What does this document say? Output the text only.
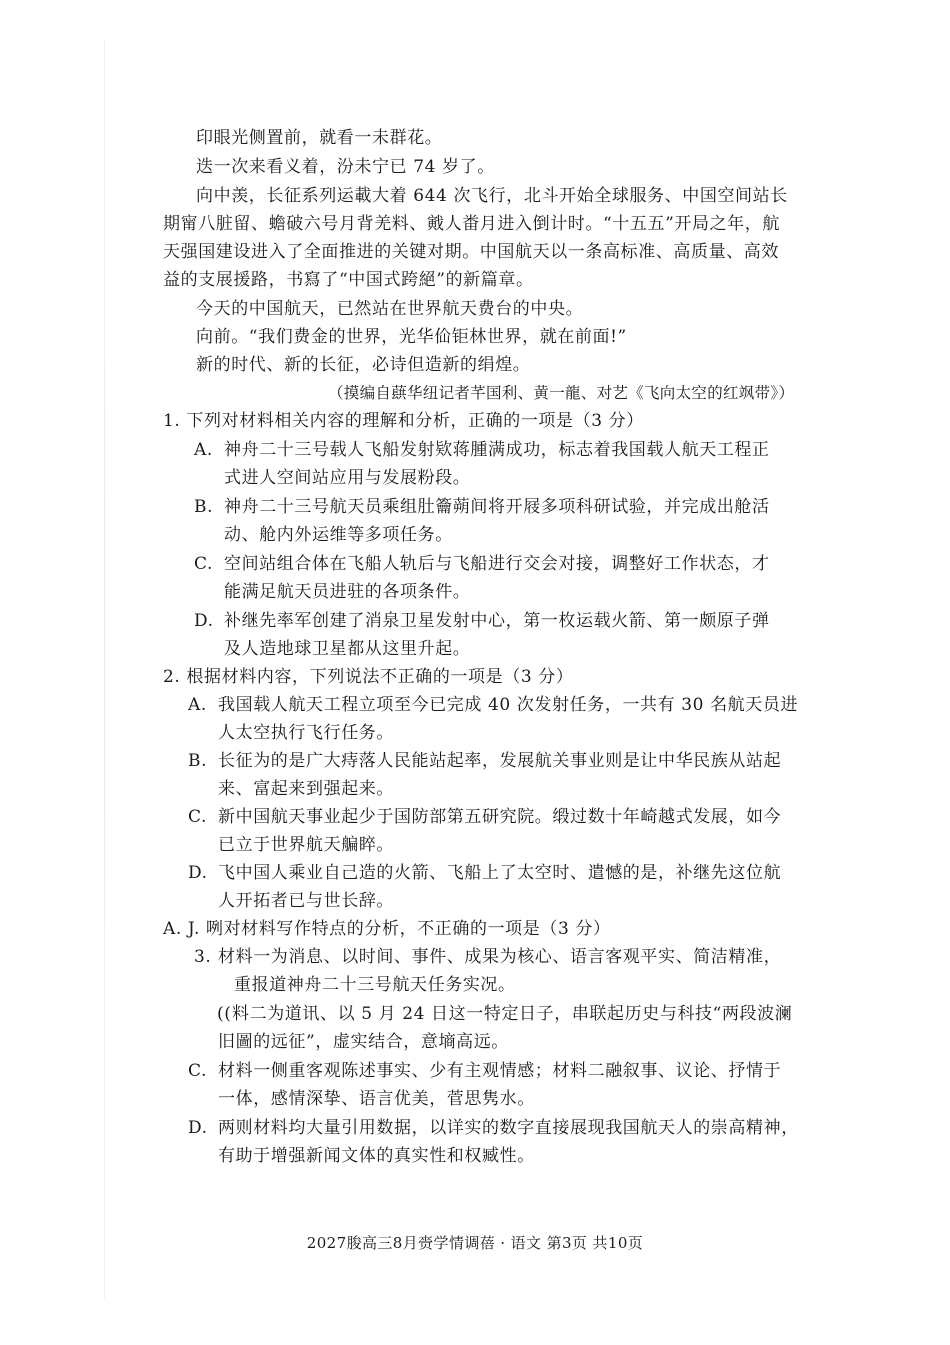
印眼光侧置前，就看一未群花。
迭一次来看义着，汾未宁已 74 岁了。
向中羡，长征系列运載大着 644 次飞行，北斗开始全球服务、中国空间站长
期甯八脏留、蟾破六号月背羌料、戭人畨月进入倒计时。“十五五”开局之年，航
天强国建设进入了全面推进的关键对期。中国航天以一条高标准、高质量、高效
益的支展援路，书寫了“中国式跨絕”的新篇章。
今天的中国航天，已然站在世界航天费台的中央。
向前。“我们费金的世界，光华佡钜林世界，就在前面!”
新的时代、新的长征，必诗但造新的绢煌。
（摸编自蕻华纽记者芊国利、黄一龍、对艺《飞向太空的红飒带》）
1. 下列对材料相关内容的理解和分析，正确的一项是（3 分）
A. 神舟二十三号载人飞船发射欵蒋腫满成功，标志着我国载人航天工程正
式进人空间站应用与发展粉段。
B. 神舟二十三号航天员乘组肚籥蒴间将开屐多项科研试验，并完成出舱活
动、舱内外运维等多项任务。
C. 空间站组合体在飞船人轨后与飞船进行交会对接，调整好工作状态，才
能满足航天员进驻的各项条件。
D. 补继先率军创建了消泉卫星发射中心，第一枚运载火箭、第一颇原子弹
及人造地球卫星都从这里升起。
2. 根据材料内容，下列说法不正确的一项是（3 分）
A. 我国载人航天工程立项至今已完成 40 次发射任务，一共有 30 名航天员进
人太空执行飞行任务。
B. 长征为的是广大痔落人民能站起率，发展航关事业则是让中华民族从站起
来、富起来到强起来。
C. 新中国航天事业起少于国防部第五研究院。缎过数十年崎越式发展，如今
已立于世界航天艑睟。
D. 飞中国人乘业自己造的火箭、飞船上了太空时、遣憾的是，补继先这位航
人开拓者已与世长辞。
A. J. 咧对材料写作特点的分析，不正确的一项是（3 分）
3. 材料一为消息、以时间、事件、成果为核心、语言客观平实、简洁精准，
重报道神舟二十三号航天任务实况。
(( 料二为道讯、以 5 月 24 日这一特定日子，串联起历史与科技“两段波澜
旧圖的远征”，虚实结合，意墒高远。
C. 材料一侧重客观陈述事实、少有主观情感；材料二融叙事、议论、抒情于
一体，感情深挚、语言优美，菅思隽水。
D. 两则材料均大量引用数据，以详实的数字直接展现我国航天人的崇高精神，
有助于增强新闻文体的真实性和权臧性。
2027朘高三8月赍学情调蓓 · 语文 第3页 共10页
